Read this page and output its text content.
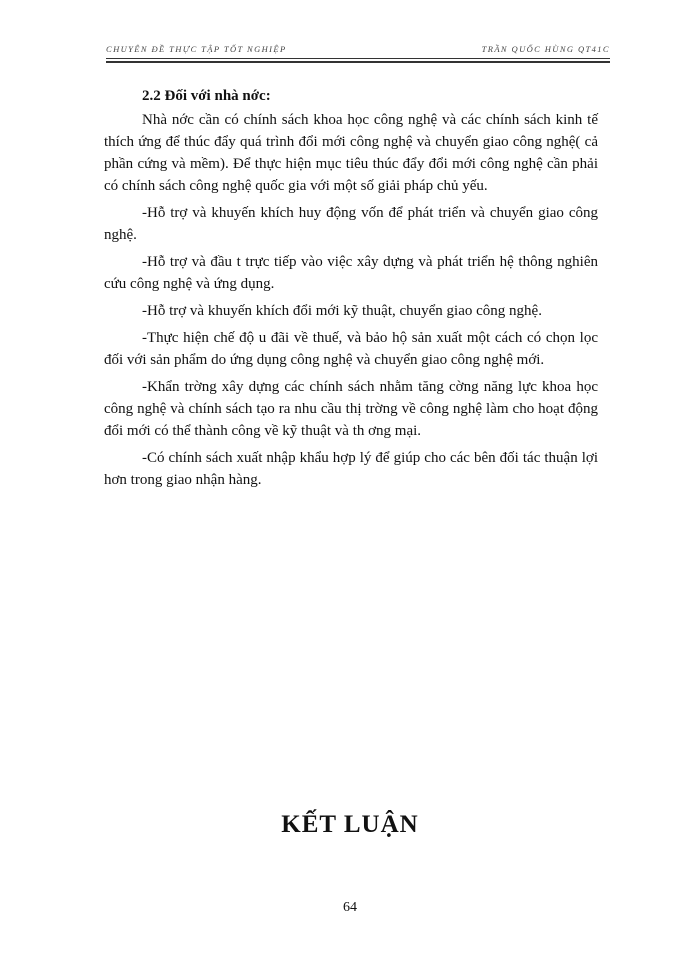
CHUYÊN ĐỀ THỰC TẬP TỐT NGHIỆP	TRẦN QUỐC HÙNG QT41C

2.2 Đối với nhà nớc:

Nhà nớc cần có chính sách khoa học công nghệ và các chính sách kinh tế thích ứng để thúc đẩy quá trình đổi mới công nghệ và chuyển giao công nghệ( cả phần cứng và mềm). Để thực hiện mục tiêu thúc đẩy đổi mới công nghệ cần phải có chính sách công nghệ quốc gia với một số giải pháp chủ yếu.

-Hỗ trợ và khuyến khích huy động vốn để phát triển và chuyển giao công nghệ.

-Hỗ trợ và đầu t trực tiếp vào việc xây dựng và phát triển hệ thông nghiên cứu công nghệ và ứng dụng.

-Hỗ trợ và khuyến khích đổi mới kỹ thuật, chuyển giao công nghệ.

-Thực hiện chế độ u đãi về thuế, và bảo hộ sản xuất một cách có chọn lọc đối với sản phẩm do ứng dụng công nghệ và chuyển giao công nghệ mới.

-Khẩn trờng xây dựng các chính sách nhằm tăng cờng năng lực khoa học công nghệ và chính sách tạo ra nhu cầu thị trờng về công nghệ làm cho hoạt động đổi mới có thể thành công về kỹ thuật và th ơng mại.

-Có chính sách xuất nhập khẩu hợp lý để giúp cho các bên đối tác thuận lợi hơn trong giao nhận hàng.

KẾT LUẬN
64
